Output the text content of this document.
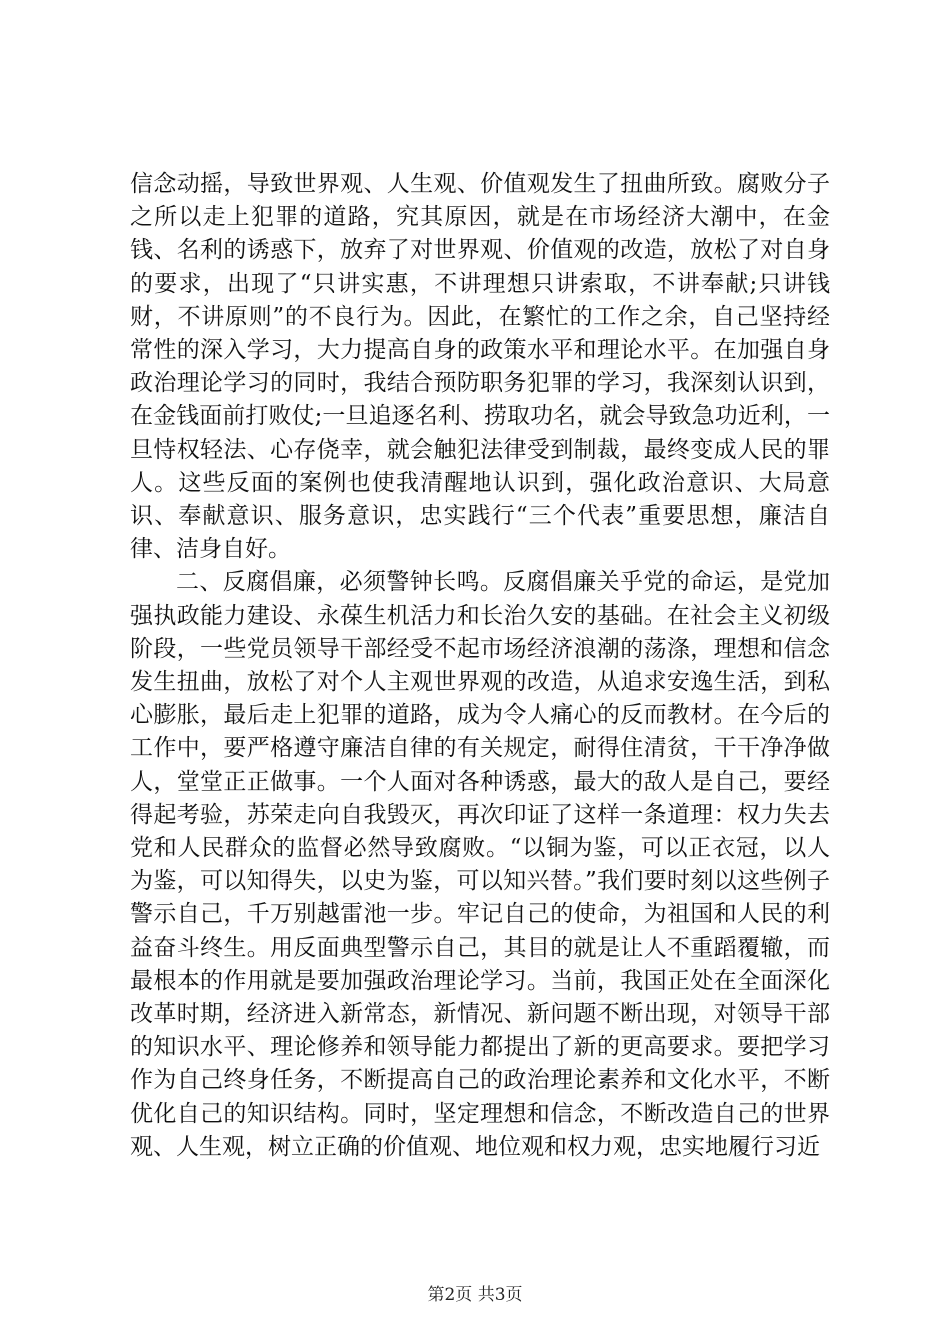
信念动摇，导致世界观、人生观、价值观发生了扭曲所致。腐败分子之所以走上犯罪的道路，究其原因，就是在市场经济大潮中，在金钱、名利的诱惑下，放弃了对世界观、价值观的改造，放松了对自身的要求，出现了“只讲实惠，不讲理想只讲索取，不讲奉献;只讲钱财，不讲原则”的不良行为。因此，在繁忙的工作之余，自己坚持经常性的深入学习，大力提高自身的政策水平和理论水平。在加强自身政治理论学习的同时，我结合预防职务犯罪的学习，我深刻认识到，在金钱面前打败仗;一旦追逐名利、捞取功名，就会导致急功近利，一旦恃权轻法、心存侥幸，就会触犯法律受到制裁，最终变成人民的罪人。这些反面的案例也使我清醒地认识到，强化政治意识、大局意识、奉献意识、服务意识，忠实践行“三个代表”重要思想，廉洁自律、洁身自好。

二、反腐倡廉，必须警钟长鸣。反腐倡廉关乎党的命运，是党加强执政能力建设、永葆生机活力和长治久安的基础。在社会主义初级阶段，一些党员领导干部经受不起市场经济浪潮的荡涤，理想和信念发生扭曲，放松了对个人主观世界观的改造，从追求安逸生活，到私心膨胀，最后走上犯罪的道路，成为令人痛心的反而教材。在今后的工作中，要严格遵守廉洁自律的有关规定，耐得住清贫，干干净净做人，堂堂正正做事。一个人面对各种诱惑，最大的敌人是自己，要经得起考验，苏荣走向自我毁灭，再次印证了这样一条道理：权力失去党和人民群众的监督必然导致腐败。“以铜为鉴，可以正衣冠，以人为鉴，可以知得失，以史为鉴，可以知兴替。”我们要时刻以这些例子警示自己，千万别越雷池一步。牢记自己的使命，为祖国和人民的利益奋斗终生。用反面典型警示自己，其目的就是让人不重蹈覆辙，而最根本的作用就是要加强政治理论学习。当前，我国正处在全面深化改革时期，经济进入新常态，新情况、新问题不断出现，对领导干部的知识水平、理论修养和领导能力都提出了新的更高要求。要把学习作为自己终身任务，不断提高自己的政治理论素养和文化水平，不断优化自己的知识结构。同时，坚定理想和信念，不断改造自己的世界观、人生观，树立正确的价值观、地位观和权力观，忠实地履行习近

第2页 共3页
